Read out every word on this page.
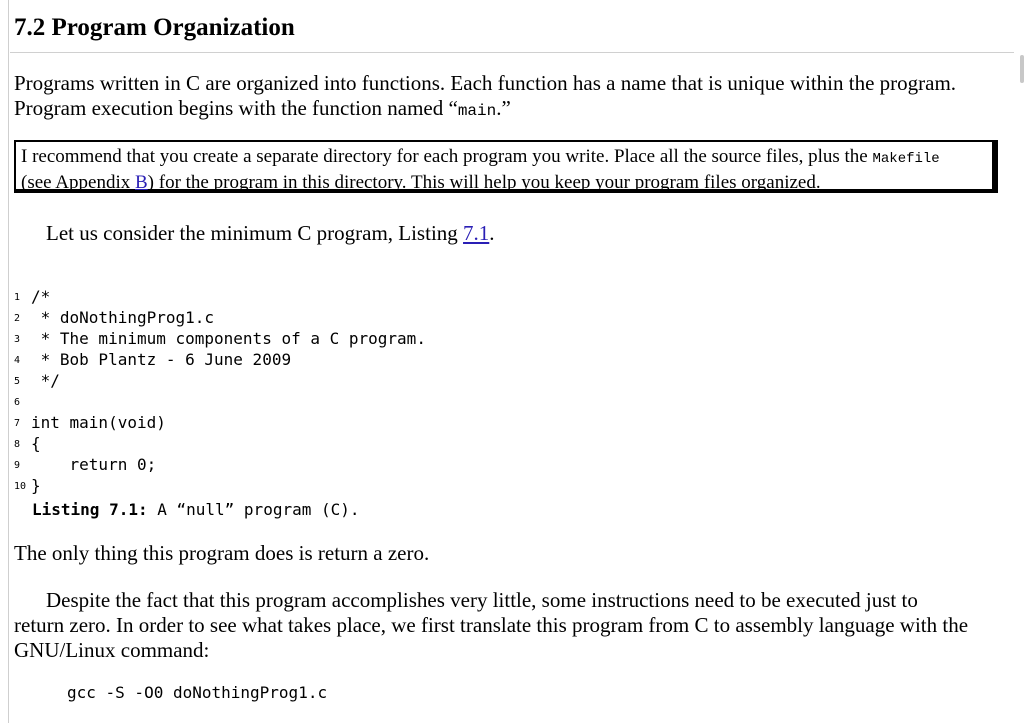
7.2 Program Organization
Programs written in C are organized into functions. Each function has a name that is unique within the program.
Program execution begins with the function named “main.”
I recommend that you create a separate directory for each program you write. Place all the source files, plus the Makefile
(see Appendix B) for the program in this directory. This will help you keep your program files organized.
Let us consider the minimum C program, Listing 7.1.
1 /*
2 * doNothingProg1.c
3 * The minimum components of a C program.
4 * Bob Plantz - 6 June 2009
5 */
6
7 int main(void)
8 {
9 return 0;
10 }
Listing 7.1: A “null” program (C).
The only thing this program does is return a zero.
Despite the fact that this program accomplishes very little, some instructions need to be executed just to
return zero. In order to see what takes place, we first translate this program from C to assembly language with the
GNU/Linux command:
gcc -S -O0 doNothingProg1.c
